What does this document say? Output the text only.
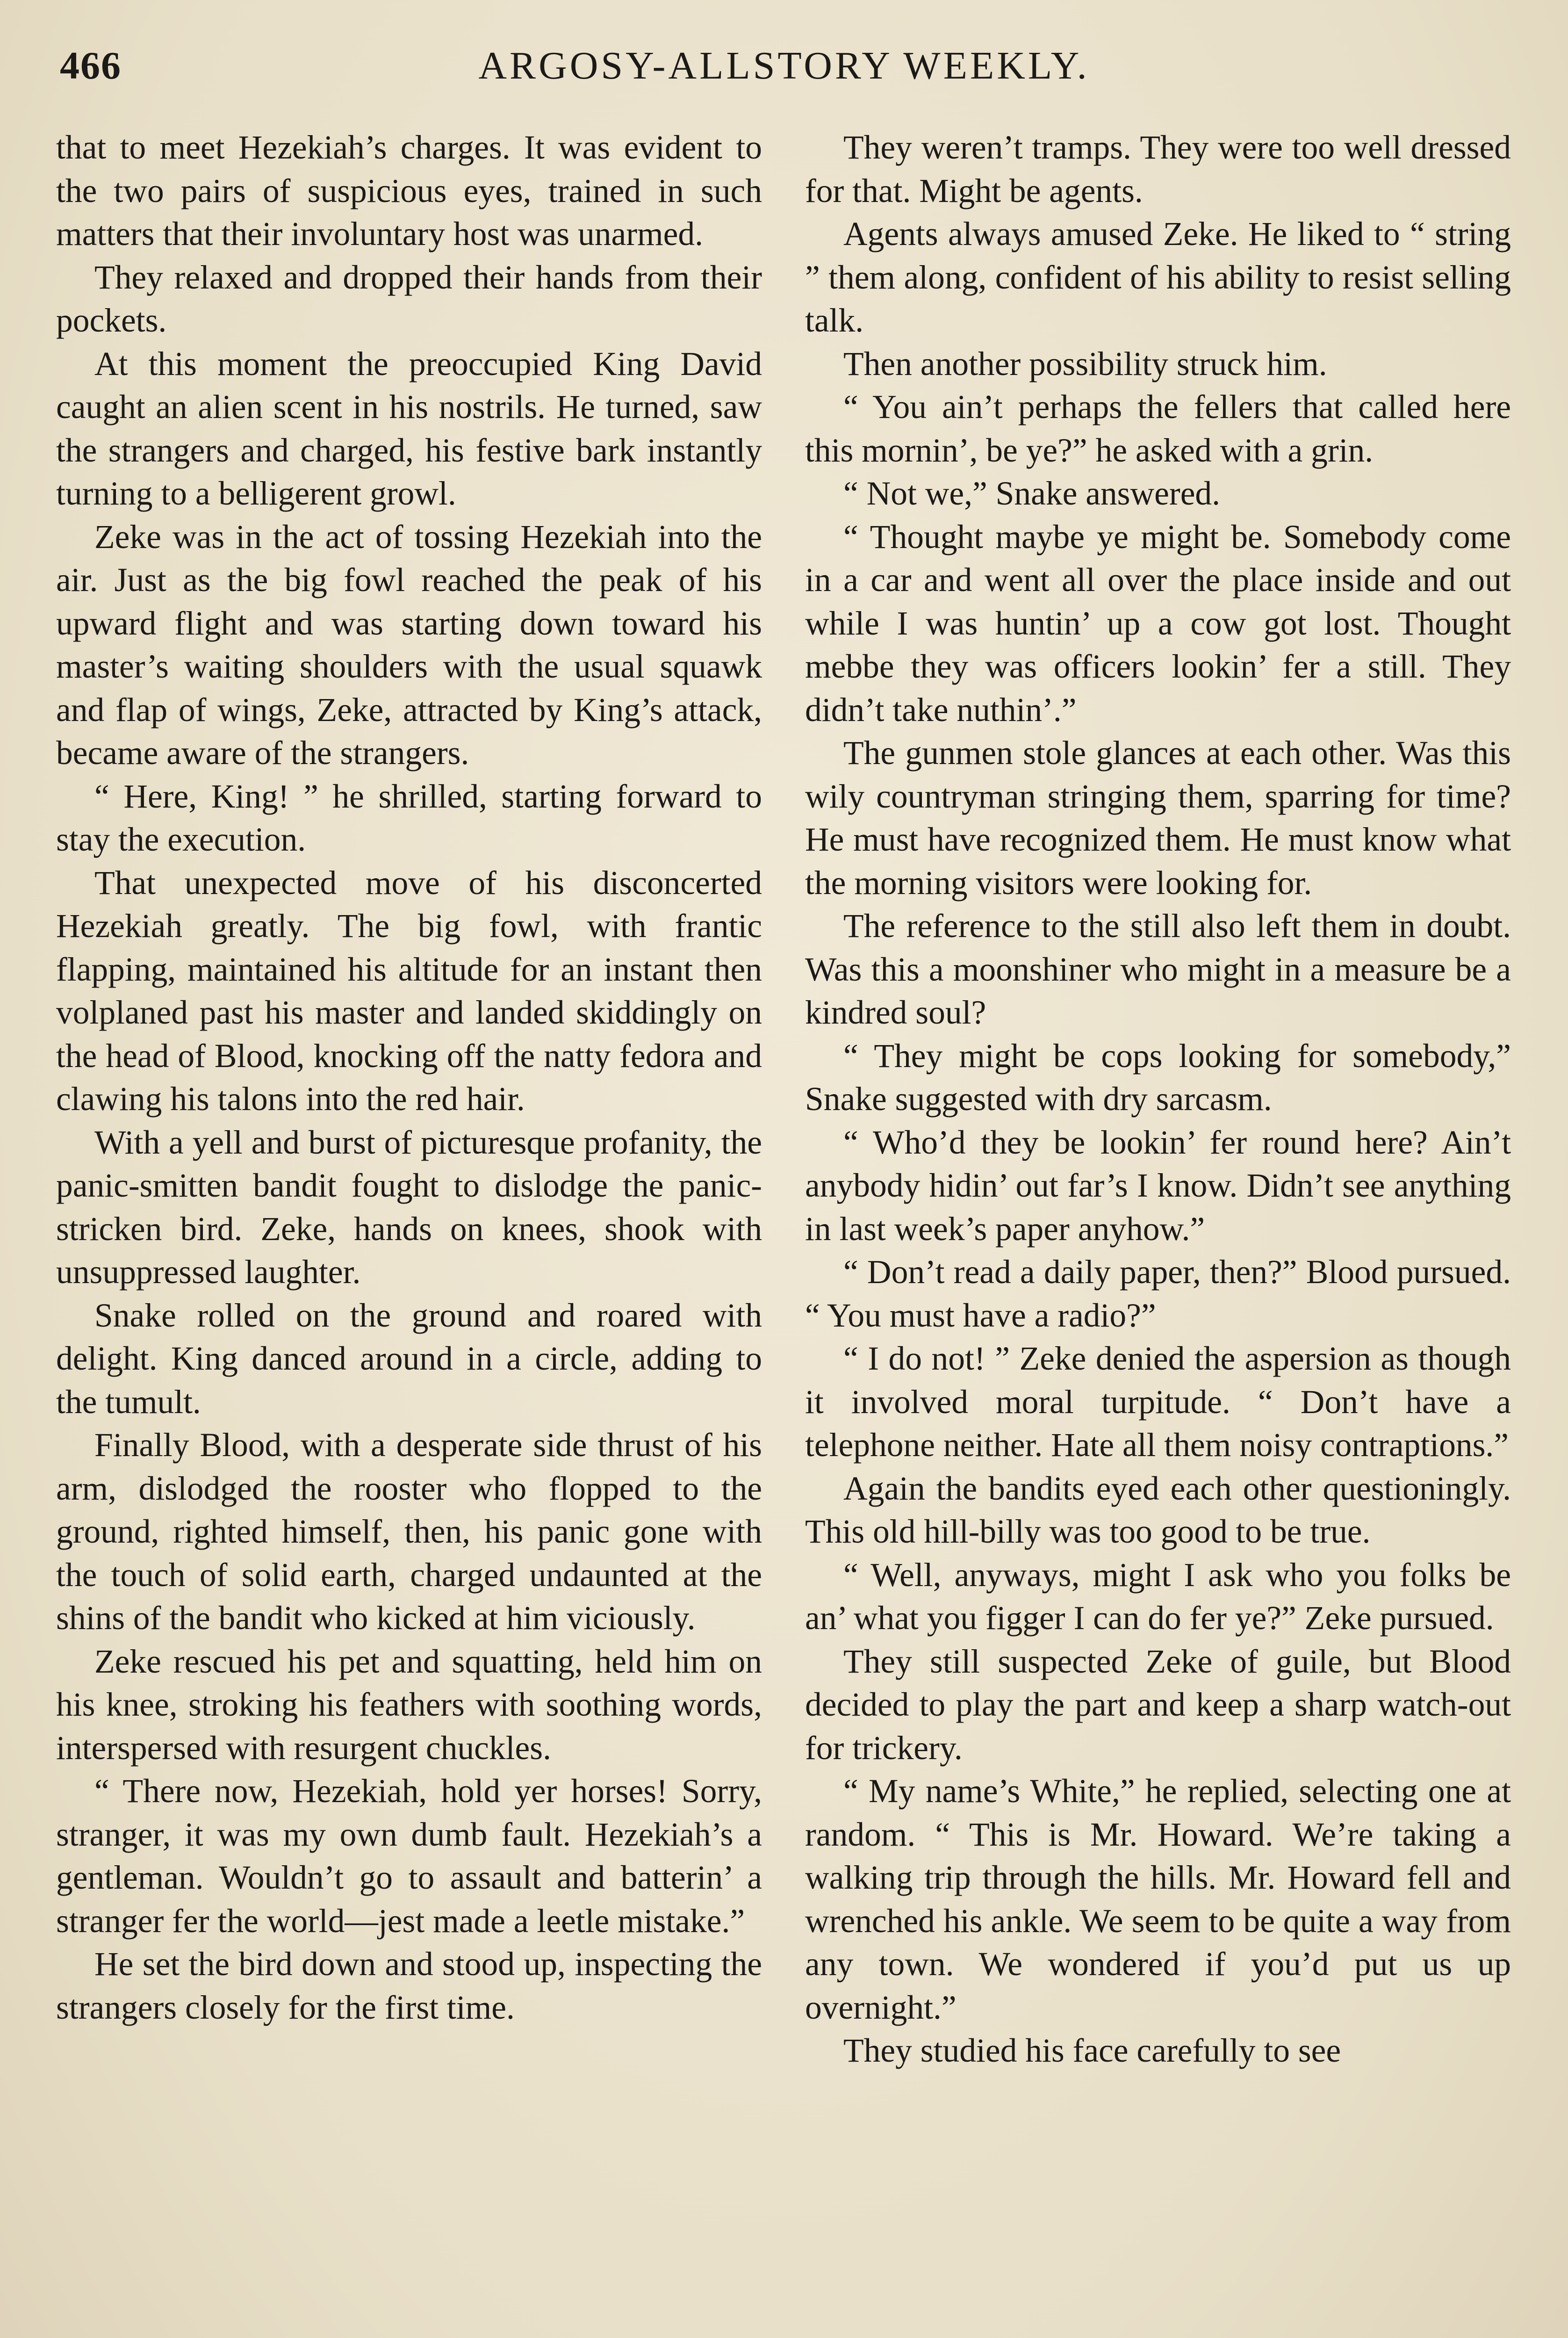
466	ARGOSY-ALLSTORY WEEKLY.

that to meet Hezekiah’s charges. It was evident to the two pairs of suspicious eyes, trained in such matters that their involuntary host was unarmed.

They relaxed and dropped their hands from their pockets.

At this moment the preoccupied King David caught an alien scent in his nostrils. He turned, saw the strangers and charged, his festive bark instantly turning to a belligerent growl.

Zeke was in the act of tossing Hezekiah into the air. Just as the big fowl reached the peak of his upward flight and was starting down toward his master’s waiting shoulders with the usual squawk and flap of wings, Zeke, attracted by King’s attack, became aware of the strangers.

“ Here, King! ” he shrilled, starting forward to stay the execution.

That unexpected move of his disconcerted Hezekiah greatly. The big fowl, with frantic flapping, maintained his altitude for an instant then volplaned past his master and landed skiddingly on the head of Blood, knocking off the natty fedora and clawing his talons into the red hair.

With a yell and burst of picturesque profanity, the panic-smitten bandit fought to dislodge the panic-stricken bird. Zeke, hands on knees, shook with unsuppressed laughter.

Snake rolled on the ground and roared with delight. King danced around in a circle, adding to the tumult.

Finally Blood, with a desperate side thrust of his arm, dislodged the rooster who flopped to the ground, righted himself, then, his panic gone with the touch of solid earth, charged undaunted at the shins of the bandit who kicked at him viciously.

Zeke rescued his pet and squatting, held him on his knee, stroking his feathers with soothing words, interspersed with resurgent chuckles.

“ There now, Hezekiah, hold yer horses! Sorry, stranger, it was my own dumb fault. Hezekiah’s a gentleman. Wouldn’t go to assault and batterin’ a stranger fer the world—jest made a leetle mistake.”

He set the bird down and stood up, inspecting the strangers closely for the first time.

They weren’t tramps. They were too well dressed for that. Might be agents.

Agents always amused Zeke. He liked to “ string ” them along, confident of his ability to resist selling talk.

Then another possibility struck him.

“ You ain’t perhaps the fellers that called here this mornin’, be ye?” he asked with a grin.

“ Not we,” Snake answered.

“ Thought maybe ye might be. Somebody come in a car and went all over the place inside and out while I was huntin’ up a cow got lost. Thought mebbe they was officers lookin’ fer a still. They didn’t take nuthin’.”

The gunmen stole glances at each other. Was this wily countryman stringing them, sparring for time? He must have recognized them. He must know what the morning visitors were looking for.

The reference to the still also left them in doubt. Was this a moonshiner who might in a measure be a kindred soul?

“ They might be cops looking for somebody,” Snake suggested with dry sarcasm.

“ Who’d they be lookin’ fer round here? Ain’t anybody hidin’ out far’s I know. Didn’t see anything in last week’s paper anyhow.”

“ Don’t read a daily paper, then?” Blood pursued. “ You must have a radio?”

“ I do not! ” Zeke denied the aspersion as though it involved moral turpitude. “ Don’t have a telephone neither. Hate all them noisy contraptions.”

Again the bandits eyed each other questioningly. This old hill-billy was too good to be true.

“ Well, anyways, might I ask who you folks be an’ what you figger I can do fer ye?” Zeke pursued.

They still suspected Zeke of guile, but Blood decided to play the part and keep a sharp watch-out for trickery.

“ My name’s White,” he replied, selecting one at random. “ This is Mr. Howard. We’re taking a walking trip through the hills. Mr. Howard fell and wrenched his ankle. We seem to be quite a way from any town. We wondered if you’d put us up overnight.”

They studied his face carefully to see
